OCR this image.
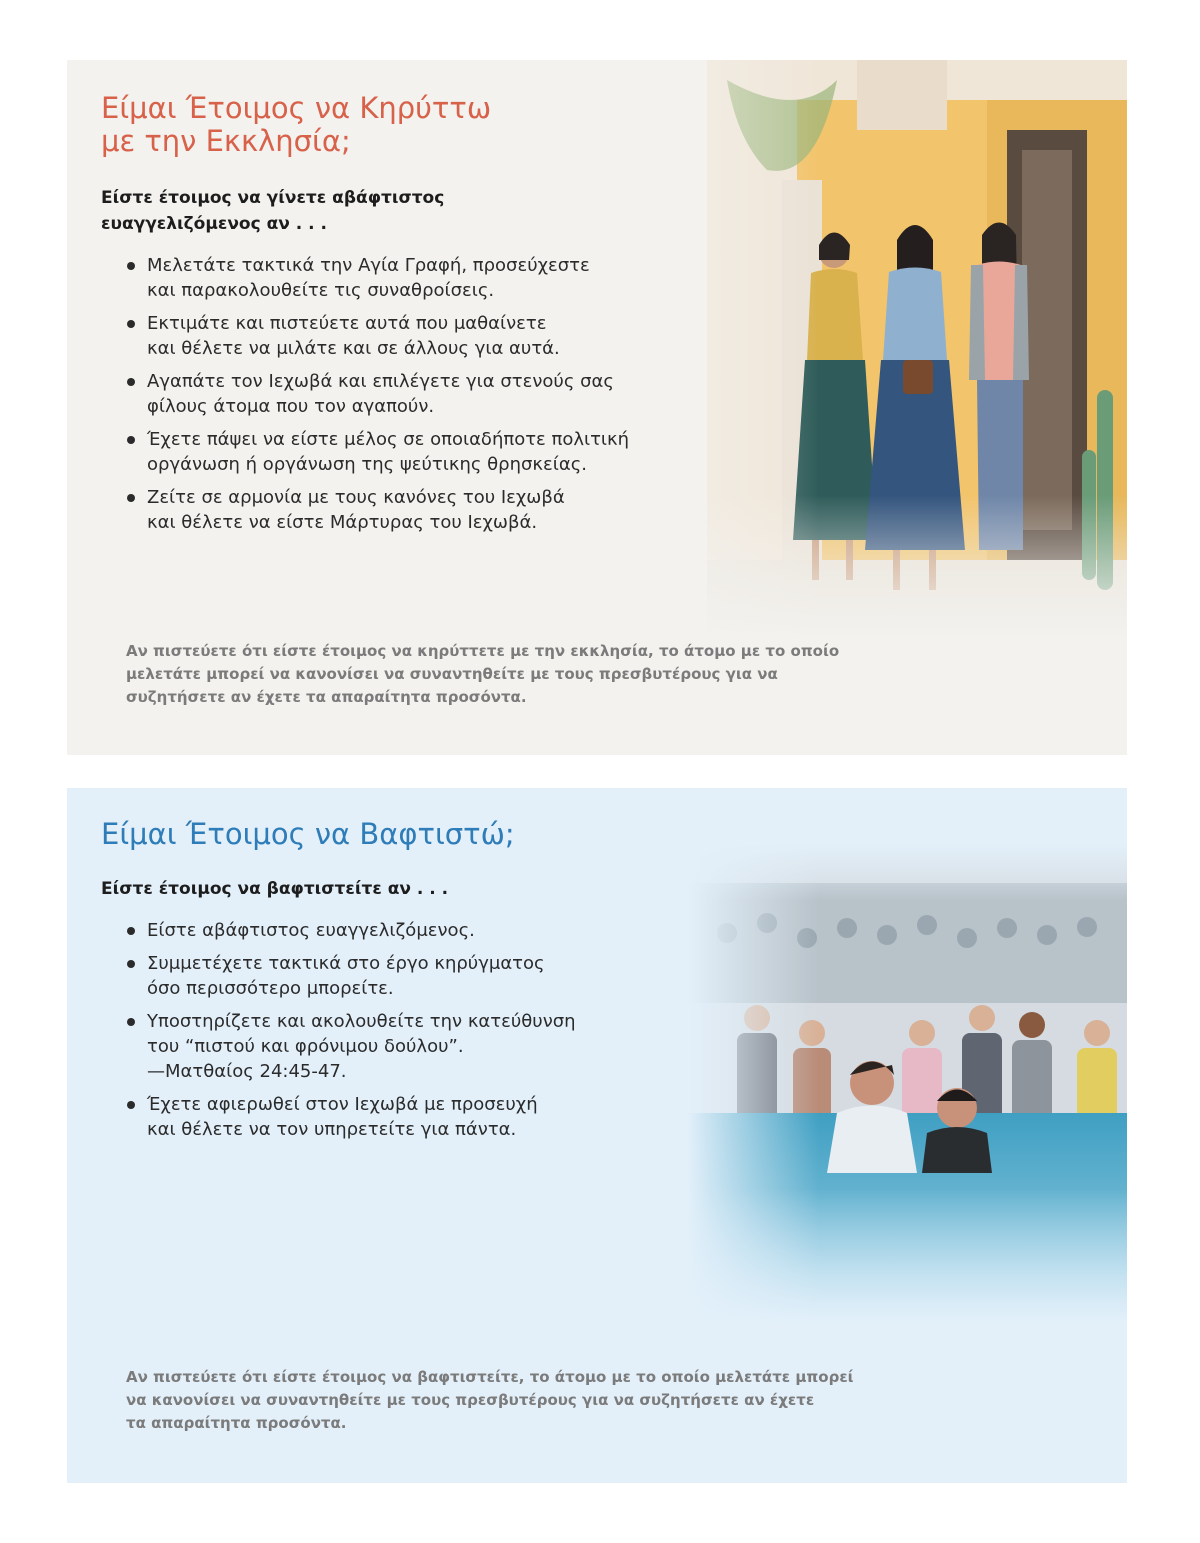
Είμαι Έτοιμος να Κηρύττω
με την Εκκλησία;

Είστε έτοιμος να γίνετε αβάφτιστος
ευαγγελιζόμενος αν . . .

Μελετάτε τακτικά την Αγία Γραφή, προσεύχεστε
και παρακολουθείτε τις συναθροίσεις.
Εκτιμάτε και πιστεύετε αυτά που μαθαίνετε
και θέλετε να μιλάτε και σε άλλους για αυτά.
Αγαπάτε τον Ιεχωβά και επιλέγετε για στενούς σας
φίλους άτομα που τον αγαπούν.
Έχετε πάψει να είστε μέλος σε οποιαδήποτε πολιτική
οργάνωση ή οργάνωση της ψεύτικης θρησκείας.
Ζείτε σε αρμονία με τους κανόνες του Ιεχωβά
και θέλετε να είστε Μάρτυρας του Ιεχωβά.

Αν πιστεύετε ότι είστε έτοιμος να κηρύττετε με την εκκλησία, το άτομο με το οποίο
μελετάτε μπορεί να κανονίσει να συναντηθείτε με τους πρεσβυτέρους για να
συζητήσετε αν έχετε τα απαραίτητα προσόντα.

Είμαι Έτοιμος να Βαφτιστώ;

Είστε έτοιμος να βαφτιστείτε αν . . .

Είστε αβάφτιστος ευαγγελιζόμενος.
Συμμετέχετε τακτικά στο έργο κηρύγματος
όσο περισσότερο μπορείτε.
Υποστηρίζετε και ακολουθείτε την κατεύθυνση
του “πιστού και φρόνιμου δούλου”.
—Ματθαίος 24:45-47.
Έχετε αφιερωθεί στον Ιεχωβά με προσευχή
και θέλετε να τον υπηρετείτε για πάντα.

Αν πιστεύετε ότι είστε έτοιμος να βαφτιστείτε, το άτομο με το οποίο μελετάτε μπορεί
να κανονίσει να συναντηθείτε με τους πρεσβυτέρους για να συζητήσετε αν έχετε
τα απαραίτητα προσόντα.
